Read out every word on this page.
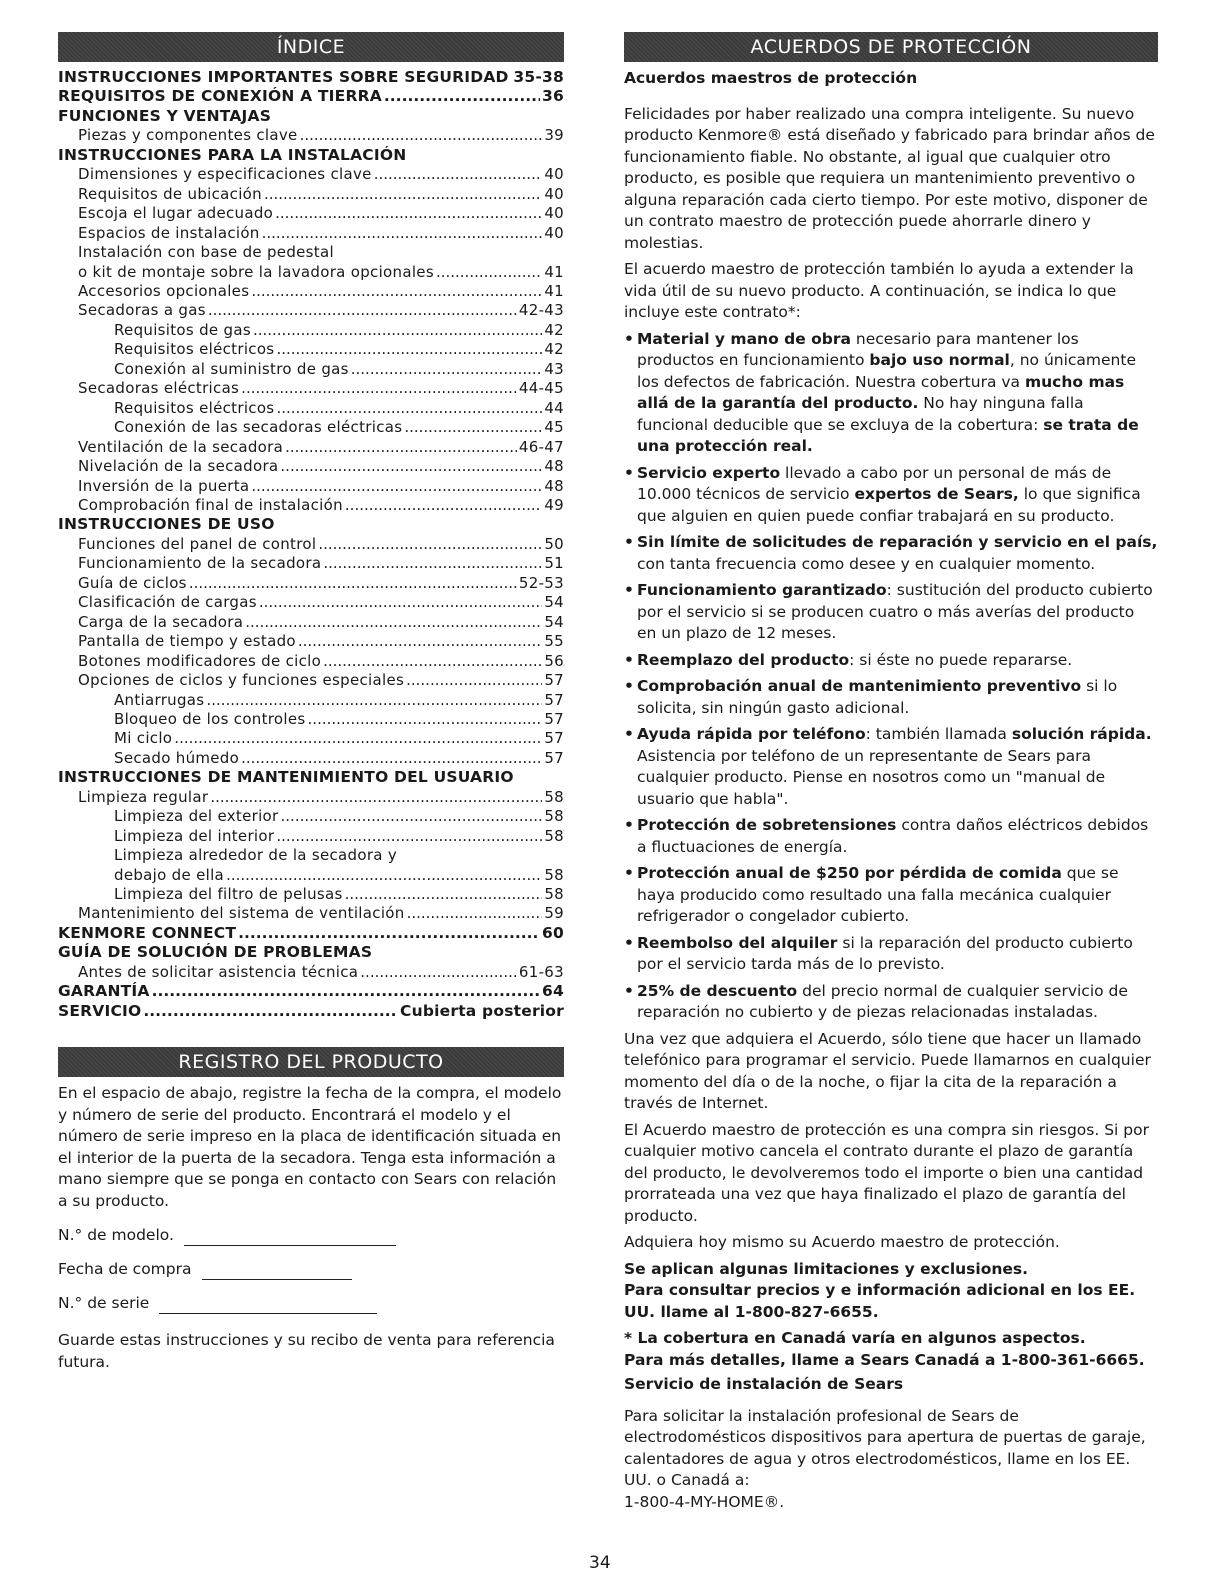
ÍNDICE
INSTRUCCIONES IMPORTANTES SOBRE SEGURIDAD ..... 35-38
REQUISITOS DE CONEXIÓN A TIERRA .....	36
FUNCIONES Y VENTAJAS
Piezas y componentes clave .....	39
INSTRUCCIONES PARA LA INSTALACIÓN
Dimensiones y especificaciones clave .....	40
Requisitos de ubicación .....	40
Escoja el lugar adecuado .....	40
Espacios de instalación .....	40
Instalación con base de pedestal
o kit de montaje sobre la lavadora opcionales .....	41
Accesorios opcionales .....	41
Secadoras a gas .....	42-43
Requisitos de gas .....	42
Requisitos eléctricos .....	42
Conexión al suministro de gas .....	43
Secadoras eléctricas .....	44-45
Requisitos eléctricos .....	44
Conexión de las secadoras eléctricas .....	45
Ventilación de la secadora .....	46-47
Nivelación de la secadora .....	48
Inversión de la puerta .....	48
Comprobación final de instalación .....	49
INSTRUCCIONES DE USO
Funciones del panel de control .....	50
Funcionamiento de la secadora .....	51
Guía de ciclos .....	52-53
Clasificación de cargas .....	54
Carga de la secadora .....	54
Pantalla de tiempo y estado .....	55
Botones modificadores de ciclo .....	56
Opciones de ciclos y funciones especiales .....	57
Antiarrugas .....	57
Bloqueo de los controles .....	57
Mi ciclo .....	57
Secado húmedo .....	57
INSTRUCCIONES DE MANTENIMIENTO DEL USUARIO
Limpieza regular .....	58
Limpieza del exterior .....	58
Limpieza del interior .....	58
Limpieza alrededor de la secadora y
debajo de ella .....	58
Limpieza del filtro de pelusas .....	58
Mantenimiento del sistema de ventilación .....	59
KENMORE CONNECT .....	60
GUÍA DE SOLUCIÓN DE PROBLEMAS
Antes de solicitar asistencia técnica .....	61-63
GARANTÍA .....	64
SERVICIO .....	Cubierta posterior
REGISTRO DEL PRODUCTO

En el espacio de abajo, registre la fecha de la compra, el modelo y número de serie del producto. Encontrará el modelo y el número de serie impreso en la placa de identificación situada en el interior de la puerta de la secadora. Tenga esta información a mano siempre que se ponga en contacto con Sears con relación a su producto.

N.° de modelo.
Fecha de compra
N.° de serie

Guarde estas instrucciones y su recibo de venta para referencia futura.

ACUERDOS DE PROTECCIÓN

Acuerdos maestros de protección

Felicidades por haber realizado una compra inteligente. Su nuevo producto Kenmore® está diseñado y fabricado para brindar años de funcionamiento fiable. No obstante, al igual que cualquier otro producto, es posible que requiera un mantenimiento preventivo o alguna reparación cada cierto tiempo. Por este motivo, disponer de un contrato maestro de protección puede ahorrarle dinero y molestias.

El acuerdo maestro de protección también lo ayuda a extender la vida útil de su nuevo producto. A continuación, se indica lo que incluye este contrato*:

• Material y mano de obra necesario para mantener los productos en funcionamiento bajo uso normal, no únicamente los defectos de fabricación. Nuestra cobertura va mucho mas allá de la garantía del producto. No hay ninguna falla funcional deducible que se excluya de la cobertura: se trata de una protección real.
• Servicio experto llevado a cabo por un personal de más de 10.000 técnicos de servicio expertos de Sears, lo que significa que alguien en quien puede confiar trabajará en su producto.
• Sin límite de solicitudes de reparación y servicio en el país, con tanta frecuencia como desee y en cualquier momento.
• Funcionamiento garantizado: sustitución del producto cubierto por el servicio si se producen cuatro o más averías del producto en un plazo de 12 meses.
• Reemplazo del producto: si éste no puede repararse.
• Comprobación anual de mantenimiento preventivo si lo solicita, sin ningún gasto adicional.
• Ayuda rápida por teléfono: también llamada solución rápida. Asistencia por teléfono de un representante de Sears para cualquier producto. Piense en nosotros como un "manual de usuario que habla".
• Protección de sobretensiones contra daños eléctricos debidos a fluctuaciones de energía.
• Protección anual de $250 por pérdida de comida que se haya producido como resultado una falla mecánica cualquier refrigerador o congelador cubierto.
• Reembolso del alquiler si la reparación del producto cubierto por el servicio tarda más de lo previsto.
• 25% de descuento del precio normal de cualquier servicio de reparación no cubierto y de piezas relacionadas instaladas.

Una vez que adquiera el Acuerdo, sólo tiene que hacer un llamado telefónico para programar el servicio. Puede llamarnos en cualquier momento del día o de la noche, o fijar la cita de la reparación a través de Internet.

El Acuerdo maestro de protección es una compra sin riesgos. Si por cualquier motivo cancela el contrato durante el plazo de garantía del producto, le devolveremos todo el importe o bien una cantidad prorrateada una vez que haya finalizado el plazo de garantía del producto.

Adquiera hoy mismo su Acuerdo maestro de protección.

Se aplican algunas limitaciones y exclusiones.

Para consultar precios y e información adicional en los EE. UU. llame al 1-800-827-6655.

* La cobertura en Canadá varía en algunos aspectos.

Para más detalles, llame a Sears Canadá a 1-800-361-6665.

Servicio de instalación de Sears

Para solicitar la instalación profesional de Sears de electrodomésticos dispositivos para apertura de puertas de garaje, calentadores de agua y otros electrodomésticos, llame en los EE. UU. o Canadá a:

1-800-4-MY-HOME®.

34
